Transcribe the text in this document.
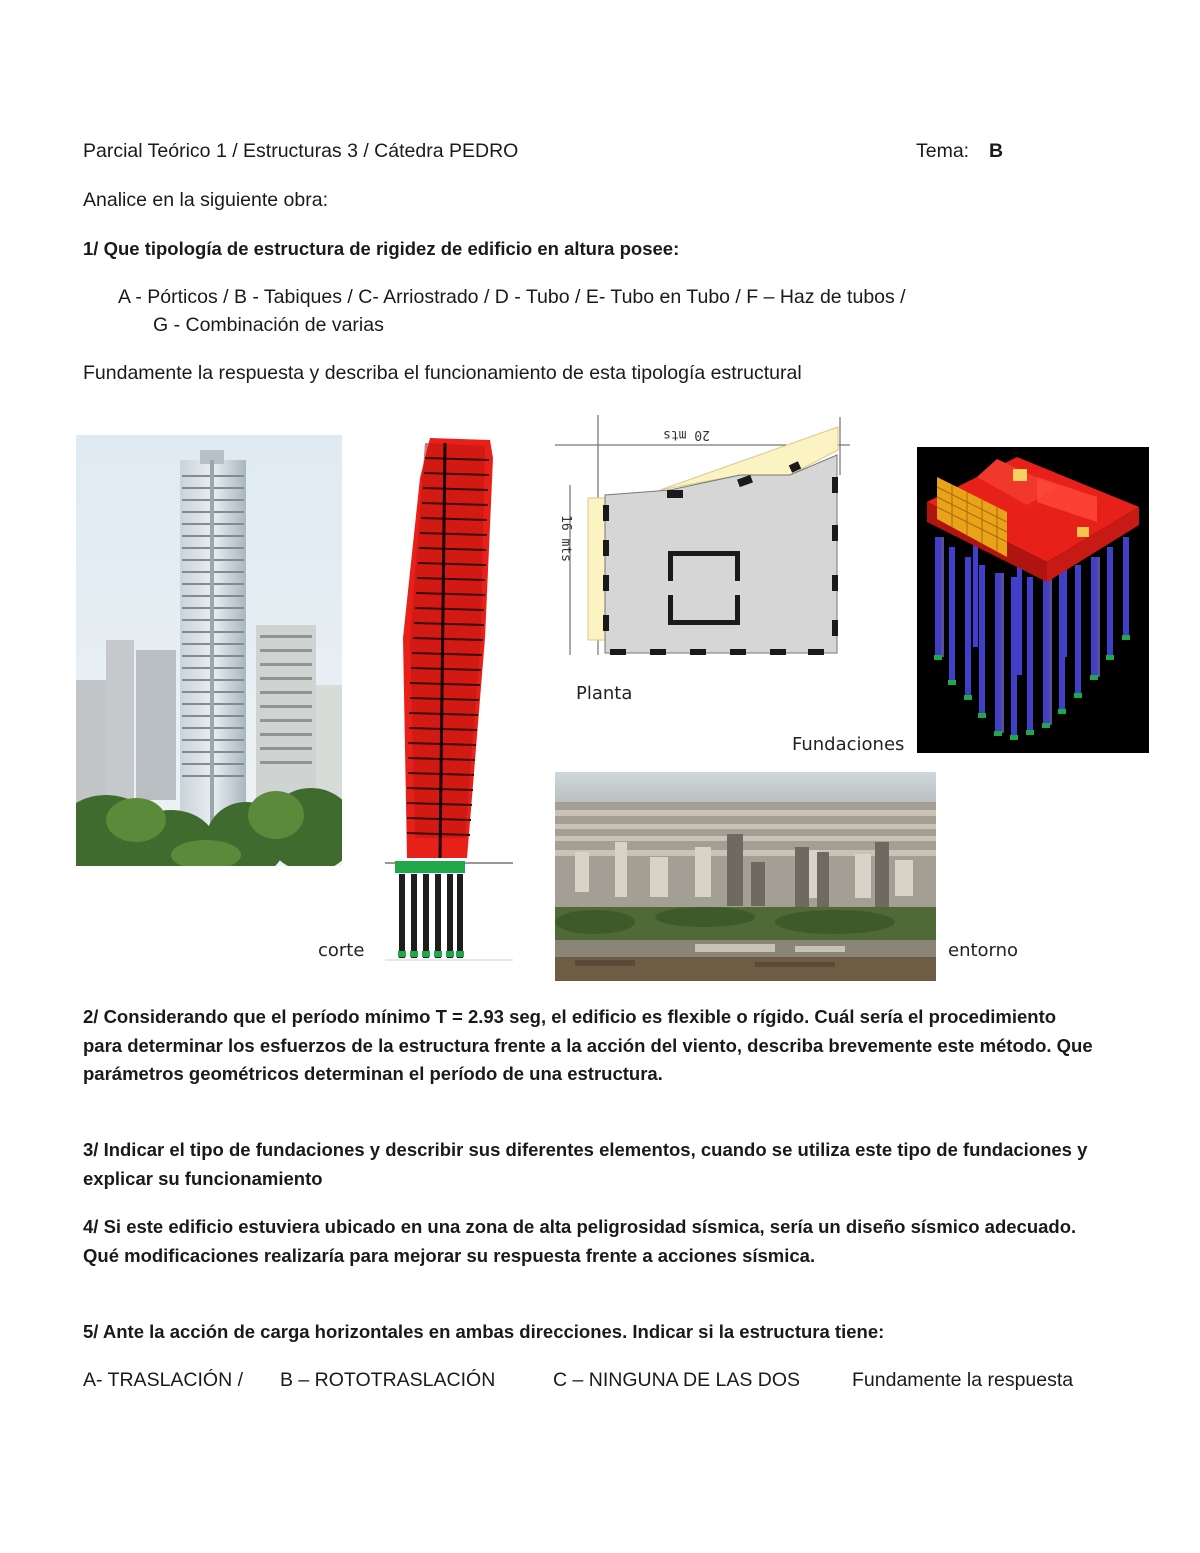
Parcial Teórico 1 / Estructuras 3 / Cátedra PEDRO	Tema: B
Analice en la siguiente obra:
1/ Que tipología de estructura de rigidez de edificio en altura posee:
A - Pórticos / B - Tabiques / C- Arriostrado / D - Tubo / E- Tubo en Tubo / F – Haz de tubos /
G - Combinación de varias
Fundamente la respuesta y describa el funcionamiento de esta tipología estructural
corte
20 mts
16 mts
Planta
Fundaciones
entorno
2/ Considerando que el período mínimo T = 2.93 seg, el edificio es flexible o rígido. Cuál sería el procedimiento para determinar los esfuerzos de la estructura frente a la acción del viento, describa brevemente este método. Que parámetros geométricos determinan el período de una estructura.
3/ Indicar el tipo de fundaciones y describir sus diferentes elementos, cuando se utiliza este tipo de fundaciones y explicar su funcionamiento
4/ Si este edificio estuviera ubicado en una zona de alta peligrosidad sísmica, sería un diseño sísmico adecuado. Qué modificaciones realizaría para mejorar su respuesta frente a acciones sísmica.
5/ Ante la acción de carga horizontales en ambas direcciones. Indicar si la estructura tiene:
A- TRASLACIÓN / B – ROTOTRASLACIÓN	C – NINGUNA DE LAS DOS	Fundamente la respuesta
